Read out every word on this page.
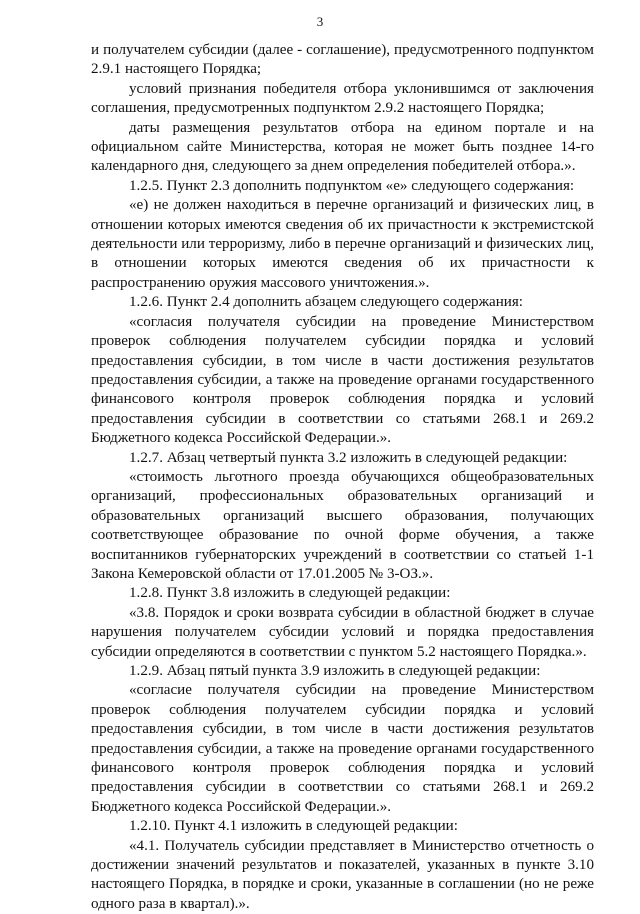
3

и получателем субсидии (далее - соглашение), предусмотренного подпунктом 2.9.1 настоящего Порядка;

условий признания победителя отбора уклонившимся от заключения соглашения, предусмотренных подпунктом 2.9.2 настоящего Порядка;

даты размещения результатов отбора на едином портале и на официальном сайте Министерства, которая не может быть позднее 14-го календарного дня, следующего за днем определения победителей отбора.».

1.2.5. Пункт 2.3 дополнить подпунктом «е» следующего содержания:

«е) не должен находиться в перечне организаций и физических лиц, в отношении которых имеются сведения об их причастности к экстремистской деятельности или терроризму, либо в перечне организаций и физических лиц, в отношении которых имеются сведения об их причастности к распространению оружия массового уничтожения.».

1.2.6. Пункт 2.4 дополнить абзацем следующего содержания:

«согласия получателя субсидии на проведение Министерством проверок соблюдения получателем субсидии порядка и условий предоставления субсидии, в том числе в части достижения результатов предоставления субсидии, а также на проведение органами государственного финансового контроля проверок соблюдения порядка и условий предоставления субсидии в соответствии со статьями 268.1 и 269.2 Бюджетного кодекса Российской Федерации.».

1.2.7. Абзац четвертый пункта 3.2 изложить в следующей редакции:

«стоимость льготного проезда обучающихся общеобразовательных организаций, профессиональных образовательных организаций и образовательных организаций высшего образования, получающих соответствующее образование по очной форме обучения, а также воспитанников губернаторских учреждений в соответствии со статьей 1-1 Закона Кемеровской области от 17.01.2005 № 3-ОЗ.».

1.2.8. Пункт 3.8 изложить в следующей редакции:

«3.8. Порядок и сроки возврата субсидии в областной бюджет в случае нарушения получателем субсидии условий и порядка предоставления субсидии определяются в соответствии с пунктом 5.2 настоящего Порядка.».

1.2.9. Абзац пятый пункта 3.9 изложить в следующей редакции:

«согласие получателя субсидии на проведение Министерством проверок соблюдения получателем субсидии порядка и условий предоставления субсидии, в том числе в части достижения результатов предоставления субсидии, а также на проведение органами государственного финансового контроля проверок соблюдения порядка и условий предоставления субсидии в соответствии со статьями 268.1 и 269.2 Бюджетного кодекса Российской Федерации.».

1.2.10. Пункт 4.1 изложить в следующей редакции:

«4.1. Получатель субсидии представляет в Министерство отчетность о достижении значений результатов и показателей, указанных в пункте 3.10 настоящего Порядка, в порядке и сроки, указанные в соглашении (но не реже одного раза в квартал).».
